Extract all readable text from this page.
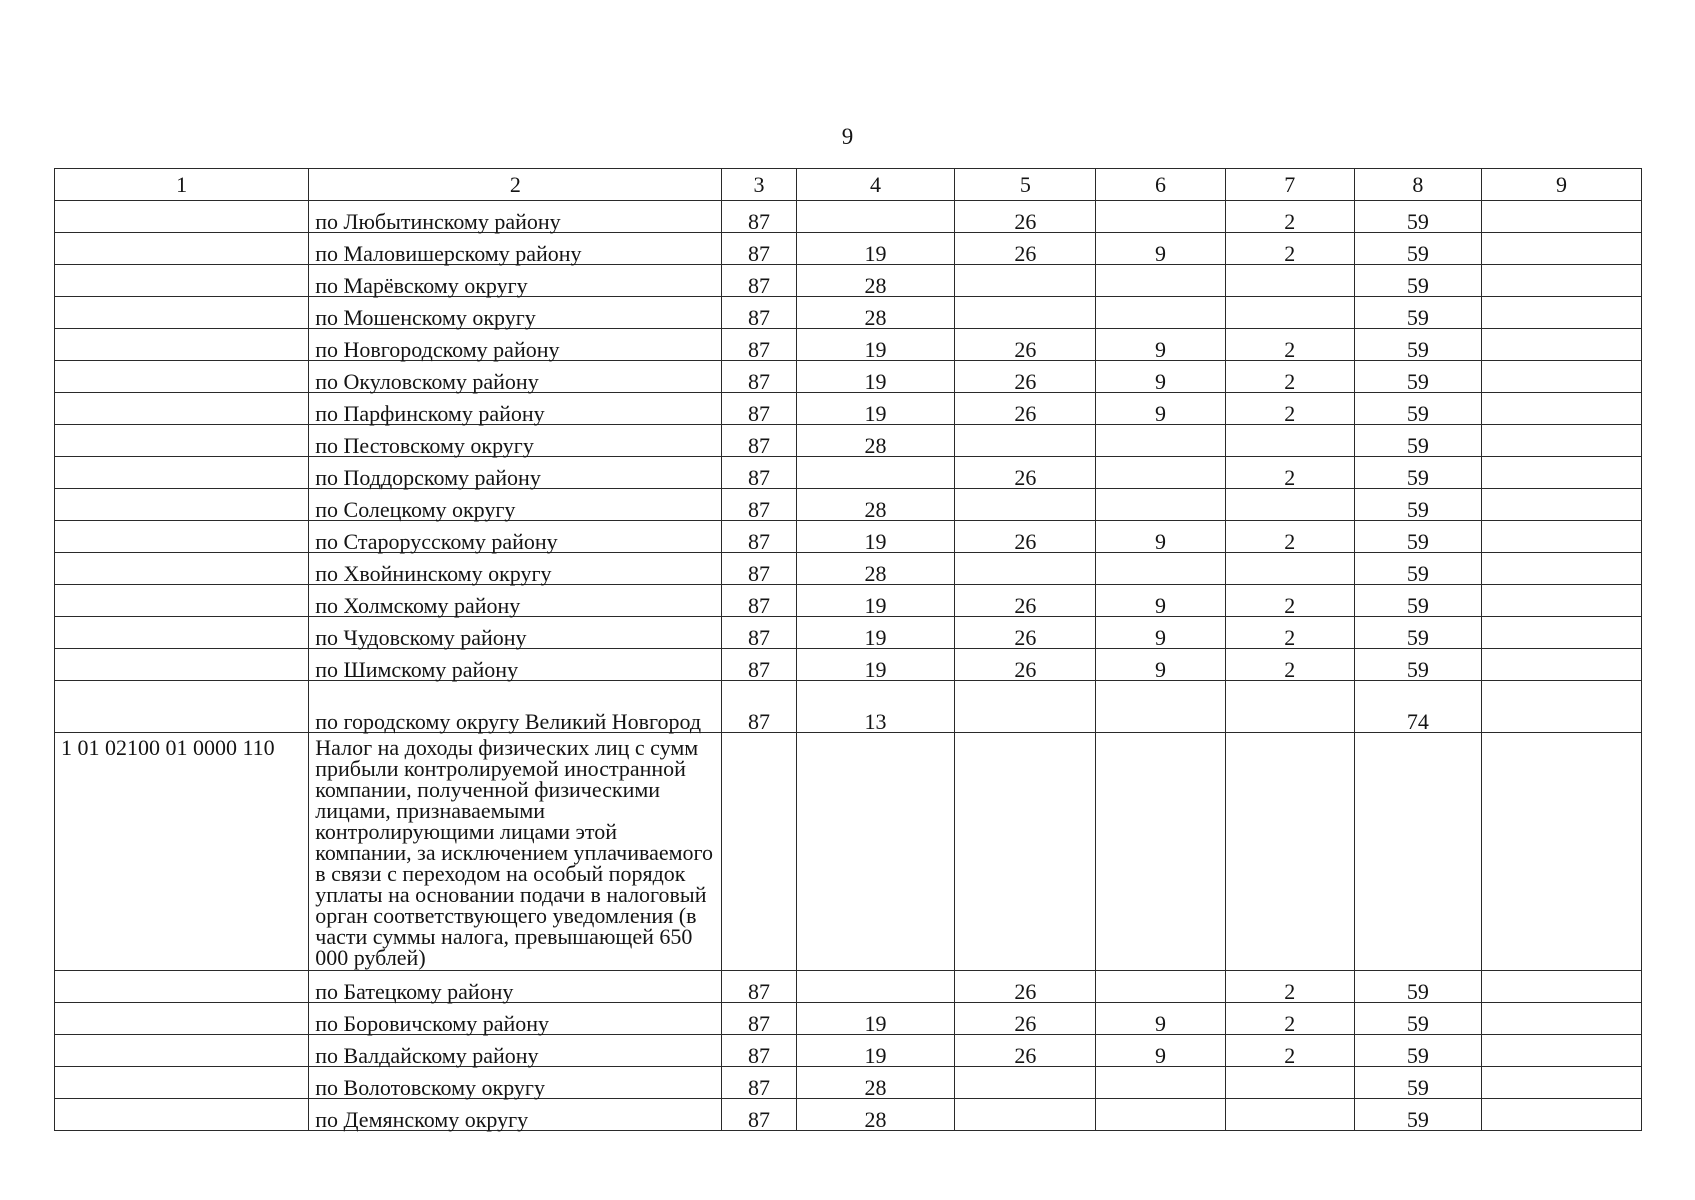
9
1	2	3	4	5	6	7	8	9
	по Любытинскому району	87		26		2	59	
	по Маловишерскому району	87	19	26	9	2	59	
	по Марёвскому округу	87	28				59	
	по Мошенскому округу	87	28				59	
	по Новгородскому району	87	19	26	9	2	59	
	по Окуловскому району	87	19	26	9	2	59	
	по Парфинскому району	87	19	26	9	2	59	
	по Пестовскому округу	87	28				59	
	по Поддорскому району	87		26		2	59	
	по Солецкому округу	87	28				59	
	по Старорусскому району	87	19	26	9	2	59	
	по Хвойнинскому округу	87	28				59	
	по Холмскому району	87	19	26	9	2	59	
	по Чудовскому району	87	19	26	9	2	59	
	по Шимскому району	87	19	26	9	2	59	
	по городскому округу Великий Новгород	87	13				74	
1 01 02100 01 0000 110	Налог на доходы физических лиц с сумм прибыли контролируемой иностранной компании, полученной физическими лицами, признаваемыми контролирующими лицами этой компании, за исключением уплачиваемого в связи с переходом на особый порядок уплаты на основании подачи в налоговый орган соответствующего уведомления (в части суммы налога, превышающей 650 000 рублей)							
	по Батецкому району	87		26		2	59	
	по Боровичскому району	87	19	26	9	2	59	
	по Валдайскому району	87	19	26	9	2	59	
	по Волотовскому округу	87	28				59	
	по Демянскому округу	87	28				59	
